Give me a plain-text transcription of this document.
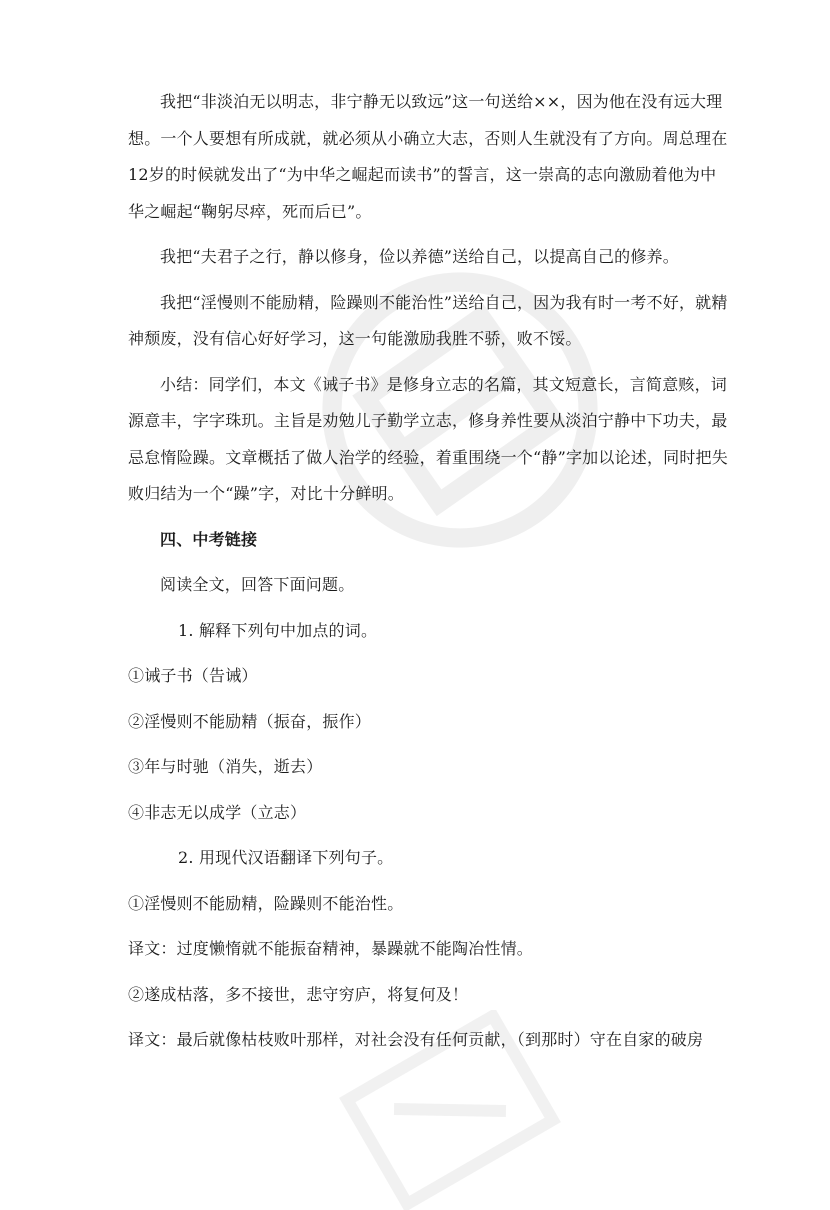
我把“非淡泊无以明志，非宁静无以致远”这一句送给××，因为他在没有远大理想。一个人要想有所成就，就必须从小确立大志，否则人生就没有了方向。周总理在12岁的时候就发出了“为中华之崛起而读书”的誓言，这一崇高的志向激励着他为中华之崛起“鞠躬尽瘁，死而后已”。

我把“夫君子之行，静以修身，俭以养德”送给自己，以提高自己的修养。

我把“淫慢则不能励精，险躁则不能治性”送给自己，因为我有时一考不好，就精神颓废，没有信心好好学习，这一句能激励我胜不骄，败不馁。

小结：同学们，本文《诫子书》是修身立志的名篇，其文短意长，言简意赅，词源意丰，字字珠玑。主旨是劝勉儿子勤学立志，修身养性要从淡泊宁静中下功夫，最忌怠惰险躁。文章概括了做人治学的经验，着重围绕一个“静”字加以论述，同时把失败归结为一个“躁”字，对比十分鲜明。

四、中考链接

阅读全文，回答下面问题。

1. 解释下列句中加点的词。

①诫子书（告诫）

②淫慢则不能励精（振奋，振作）

③年与时驰（消失，逝去）

④非志无以成学（立志）

2. 用现代汉语翻译下列句子。

①淫慢则不能励精，险躁则不能治性。

译文：过度懒惰就不能振奋精神，暴躁就不能陶冶性情。

②遂成枯落，多不接世，悲守穷庐，将复何及！

译文：最后就像枯枝败叶那样，对社会没有任何贡献，（到那时）守在自家的破房
